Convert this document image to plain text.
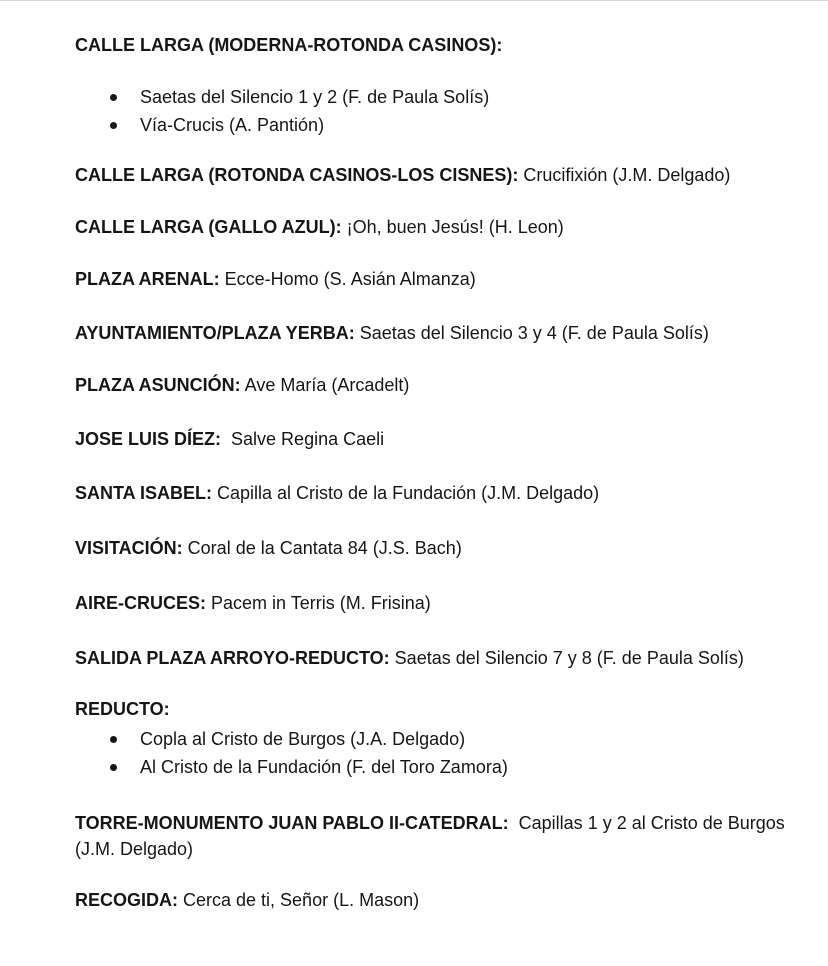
CALLE LARGA (MODERNA-ROTONDA CASINOS):
Saetas del Silencio 1 y 2 (F. de Paula Solís)
Vía-Crucis (A. Pantión)
CALLE LARGA (ROTONDA CASINOS-LOS CISNES): Crucifixión (J.M. Delgado)
CALLE LARGA (GALLO AZUL): ¡Oh, buen Jesús! (H. Leon)
PLAZA ARENAL: Ecce-Homo (S. Asián Almanza)
AYUNTAMIENTO/PLAZA YERBA: Saetas del Silencio 3 y 4 (F. de Paula Solís)
PLAZA ASUNCIÓN: Ave María (Arcadelt)
JOSE LUIS DÍEZ:  Salve Regina Caeli
SANTA ISABEL: Capilla al Cristo de la Fundación (J.M. Delgado)
VISITACIÓN: Coral de la Cantata 84 (J.S. Bach)
AIRE-CRUCES: Pacem in Terris (M. Frisina)
SALIDA PLAZA ARROYO-REDUCTO: Saetas del Silencio 7 y 8 (F. de Paula Solís)
REDUCTO:
Copla al Cristo de Burgos (J.A. Delgado)
Al Cristo de la Fundación (F. del Toro Zamora)
TORRE-MONUMENTO JUAN PABLO II-CATEDRAL:  Capillas 1 y 2 al Cristo de Burgos
(J.M. Delgado)
RECOGIDA: Cerca de ti, Señor (L. Mason)
